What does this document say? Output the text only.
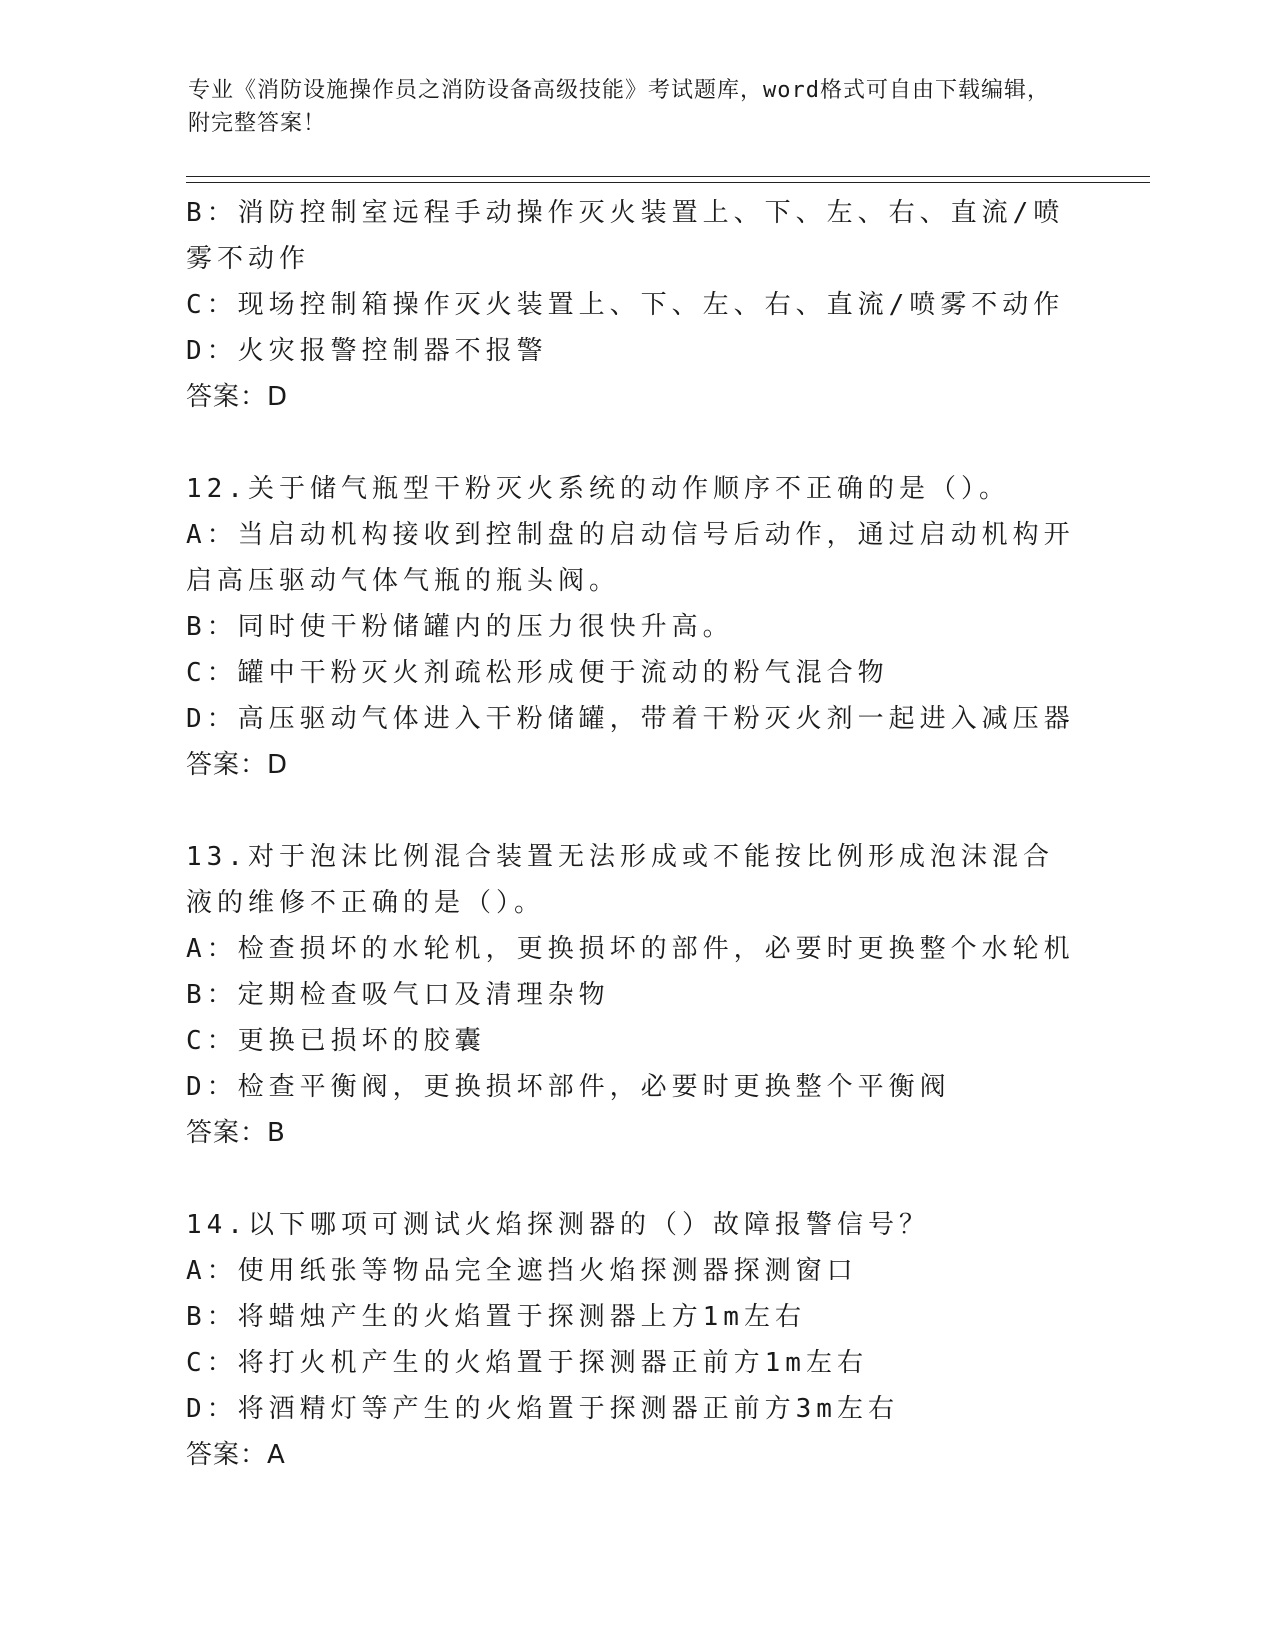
专业《消防设施操作员之消防设备高级技能》考试题库，word格式可自由下载编辑，附完整答案！

B：消防控制室远程手动操作灭火装置上、下、左、右、直流/喷雾不动作

C：现场控制箱操作灭火装置上、下、左、右、直流/喷雾不动作

D：火灾报警控制器不报警

答案：D

12.关于储气瓶型干粉灭火系统的动作顺序不正确的是（）。

A：当启动机构接收到控制盘的启动信号后动作，通过启动机构开启高压驱动气体气瓶的瓶头阀。

B：同时使干粉储罐内的压力很快升高。

C：罐中干粉灭火剂疏松形成便于流动的粉气混合物

D：高压驱动气体进入干粉储罐，带着干粉灭火剂一起进入减压器

答案：D

13.对于泡沫比例混合装置无法形成或不能按比例形成泡沫混合液的维修不正确的是（）。

A：检查损坏的水轮机，更换损坏的部件，必要时更换整个水轮机

B：定期检查吸气口及清理杂物

C：更换已损坏的胶囊

D：检查平衡阀，更换损坏部件，必要时更换整个平衡阀

答案：B

14.以下哪项可测试火焰探测器的（）故障报警信号？

A：使用纸张等物品完全遮挡火焰探测器探测窗口

B：将蜡烛产生的火焰置于探测器上方1m左右

C：将打火机产生的火焰置于探测器正前方1m左右

D：将酒精灯等产生的火焰置于探测器正前方3m左右

答案：A
